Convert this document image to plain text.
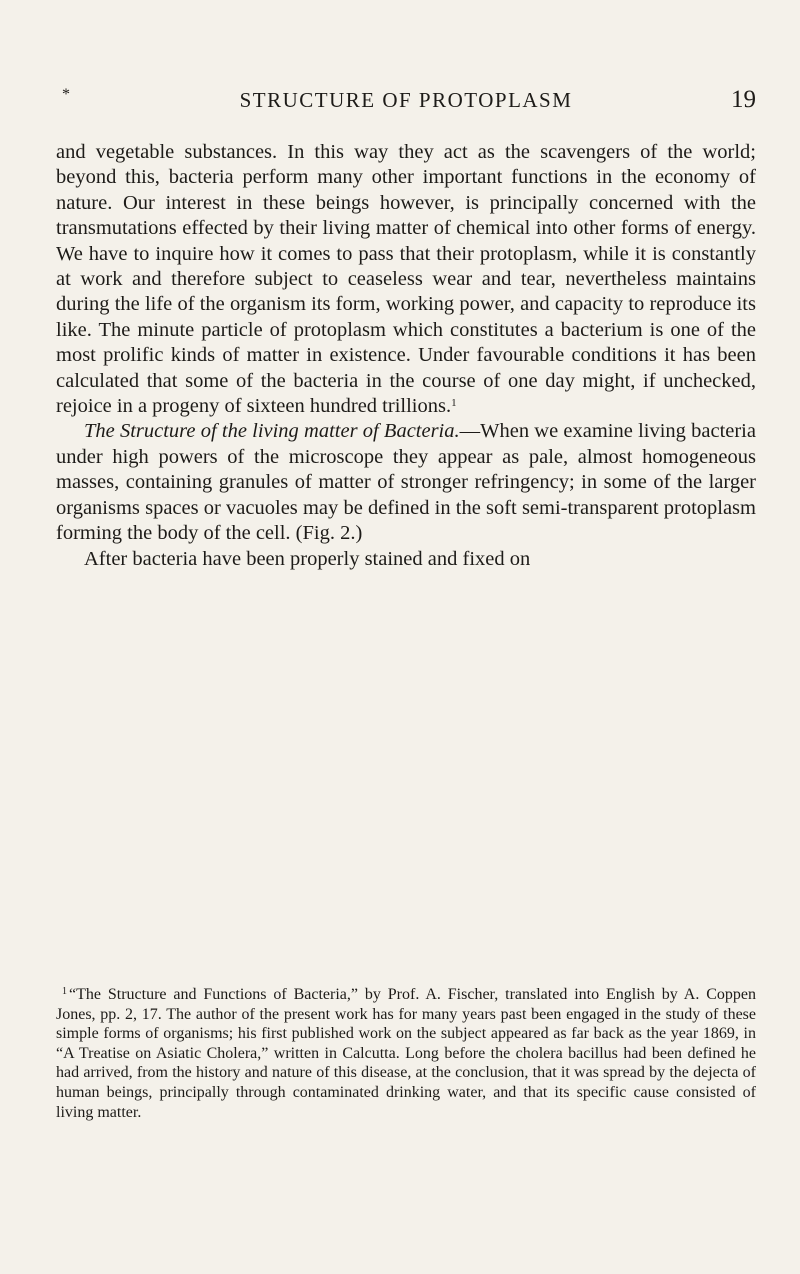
*	STRUCTURE OF PROTOPLASM	19

and vegetable substances. In this way they act as the scavengers of the world; beyond this, bacteria perform many other important functions in the economy of nature. Our interest in these beings however, is principally concerned with the transmutations effected by their living matter of chemical into other forms of energy. We have to inquire how it comes to pass that their protoplasm, while it is constantly at work and therefore subject to ceaseless wear and tear, nevertheless maintains during the life of the organism its form, working power, and capacity to reproduce its like. The minute particle of protoplasm which constitutes a bacterium is one of the most prolific kinds of matter in existence. Under favourable conditions it has been calculated that some of the bacteria in the course of one day might, if unchecked, rejoice in a progeny of sixteen hundred trillions.$^1$

The Structure of the living matter of Bacteria.—When we examine living bacteria under high powers of the microscope they appear as pale, almost homogeneous masses, containing granules of matter of stronger refringency; in some of the larger organisms spaces or vacuoles may be defined in the soft semi-transparent protoplasm forming the body of the cell. (Fig. 2.)

After bacteria have been properly stained and fixed on

$^1$ “The Structure and Functions of Bacteria,” by Prof. A. Fischer, translated into English by A. Coppen Jones, pp. 2, 17. The author of the present work has for many years past been engaged in the study of these simple forms of organisms; his first published work on the subject appeared as far back as the year 1869, in “A Treatise on Asiatic Cholera,” written in Calcutta. Long before the cholera bacillus had been defined he had arrived, from the history and nature of this disease, at the conclusion, that it was spread by the dejecta of human beings, principally through contaminated drinking water, and that its specific cause consisted of living matter.
